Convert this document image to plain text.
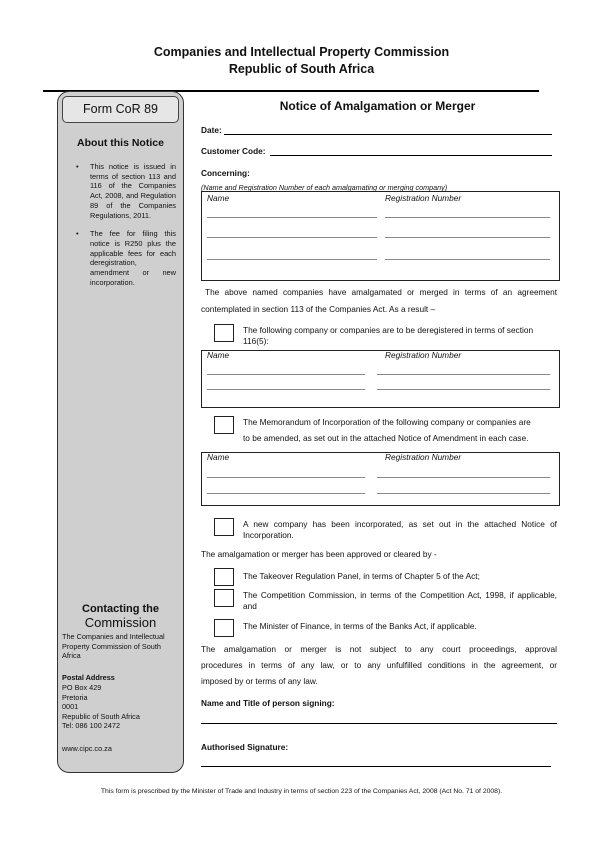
Companies and Intellectual Property Commission
Republic of South Africa
Form CoR 89
About this Notice
• This notice is issued in terms of section 113 and 116 of the Companies Act, 2008, and Regulation 89 of the Companies Regulations, 2011.
• The fee for filing this notice is R250 plus the applicable fees for each deregistration, amendment or new incorporation.
Contacting the
Commission
The Companies and Intellectual Property Commission of South Africa
Postal Address
PO Box 429
Pretoria
0001
Republic of South Africa
Tel: 086 100 2472
www.cipc.co.za
Notice of Amalgamation or Merger
Date:
Customer Code:
Concerning:
(Name and Registration Number of each amalgamating or merging company)
Name	Registration Number
The above named companies have amalgamated or merged in terms of an agreement
contemplated in section 113 of the Companies Act. As a result –
The following company or companies are to be deregistered in terms of section 116(5):
Name	Registration Number
The Memorandum of Incorporation of the following company or companies are
to be amended, as set out in the attached Notice of Amendment in each case.
Name	Registration Number
A new company has been incorporated, as set out in the attached Notice of Incorporation.
The amalgamation or merger has been approved or cleared by -
The Takeover Regulation Panel, in terms of Chapter 5 of the Act;
The Competition Commission, in terms of the Competition Act, 1998, if applicable, and
The Minister of Finance, in terms of the Banks Act, if applicable.
The amalgamation or merger is not subject to any court proceedings, approval
procedures in terms of any law, or to any unfulfilled conditions in the agreement, or
imposed by or terms of any law.
Name and Title of person signing:
Authorised Signature:
This form is prescribed by the Minister of Trade and Industry in terms of section 223 of the Companies Act, 2008 (Act No. 71 of 2008).
